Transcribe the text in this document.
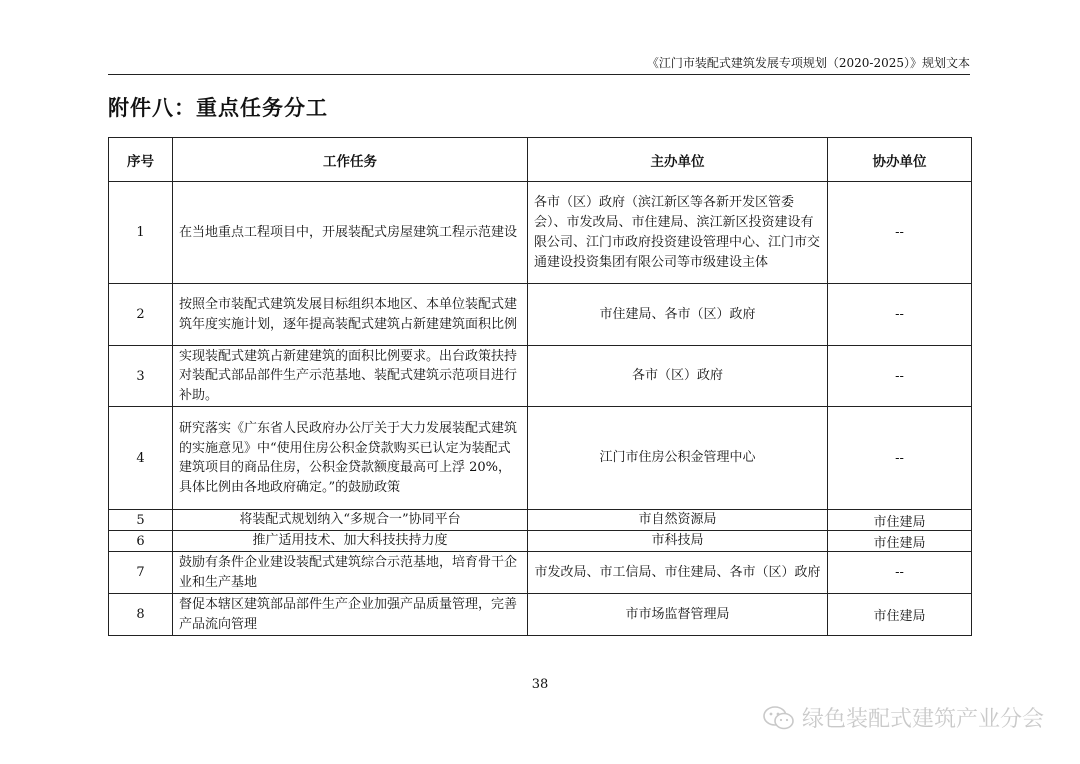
《江门市装配式建筑发展专项规划（2020-2025）》规划文本
附件八：重点任务分工
序号	工作任务	主办单位	协办单位
1	在当地重点工程项目中，开展装配式房屋建筑工程示范建设	各市（区）政府（滨江新区等各新开发区管委会）、市发改局、市住建局、滨江新区投资建设有限公司、江门市政府投资建设管理中心、江门市交通建设投资集团有限公司等市级建设主体	--
2	按照全市装配式建筑发展目标组织本地区、本单位装配式建筑年度实施计划，逐年提高装配式建筑占新建建筑面积比例	市住建局、各市（区）政府	--
3	实现装配式建筑占新建建筑的面积比例要求。出台政策扶持对装配式部品部件生产示范基地、装配式建筑示范项目进行补助。	各市（区）政府	--
4	研究落实《广东省人民政府办公厅关于大力发展装配式建筑的实施意见》中“使用住房公积金贷款购买已认定为装配式建筑项目的商品住房，公积金贷款额度最高可上浮 20%，具体比例由各地政府确定。”的鼓励政策	江门市住房公积金管理中心	--
5	将装配式规划纳入“多规合一”协同平台	市自然资源局	市住建局
6	推广适用技术、加大科技扶持力度	市科技局	市住建局
7	鼓励有条件企业建设装配式建筑综合示范基地，培育骨干企业和生产基地	市发改局、市工信局、市住建局、各市（区）政府	--
8	督促本辖区建筑部品部件生产企业加强产品质量管理，完善产品流向管理	市市场监督管理局	市住建局
38
绿色装配式建筑产业分会
